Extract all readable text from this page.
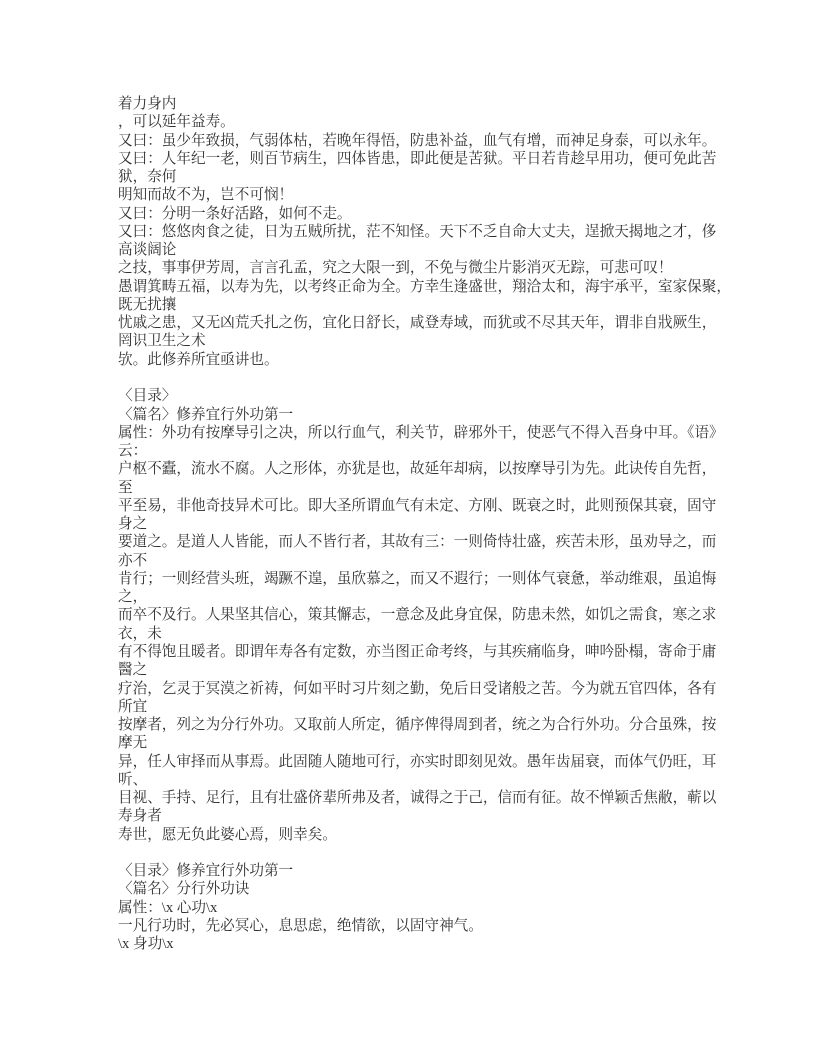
着力身内
，可以延年益寿。
又曰：虽少年致损，气弱体枯，若晚年得悟，防患补益，血气有增，而神足身泰，可以永年。
又曰：人年纪一老，则百节病生，四体皆患，即此便是苦狱。平日若肯趁早用功，便可免此苦
狱，奈何
明知而故不为，岂不可悯！
又曰：分明一条好活路，如何不走。
又曰：悠悠肉食之徒，日为五贼所扰，茫不知怪。天下不乏自命大丈夫，逞掀天揭地之才，侈
高谈阔论
之技，事事伊芳周，言言孔孟，究之大限一到，不免与微尘片影消灭无踪，可悲可叹！
愚谓箕畴五福，以寿为先，以考终正命为全。方幸生逢盛世，翔洽太和，海宇承平，室家保聚，
既无扰攘
忧戚之患，又无凶荒夭扎之伤，宜化日舒长，咸登寿域，而犹或不尽其天年，谓非自戕厥生，
罔识卫生之术
欤。此修养所宜亟讲也。

〈目录〉
〈篇名〉修养宜行外功第一
属性：外功有按摩导引之决，所以行血气，利关节，辟邪外干，使恶气不得入吾身中耳。《语》
云：
户枢不蠹，流水不腐。人之形体，亦犹是也，故延年却病，以按摩导引为先。此诀传自先哲，
至
平至易，非他奇技异术可比。即大圣所谓血气有未定、方刚、既衰之时，此则预保其衰，固守
身之
要道之。是道人人皆能，而人不皆行者，其故有三：一则倚恃壮盛，疾苦未形，虽劝导之，而
亦不
肯行；一则经营头班，竭蹶不遑，虽欣慕之，而又不遐行；一则体气衰惫，举动维艰，虽追悔
之，
而卒不及行。人果坚其信心，策其懈志，一意念及此身宜保，防患未然，如饥之需食，寒之求
衣，未
有不得饱且暖者。即谓年寿各有定数，亦当图正命考终，与其疾痛临身，呻吟卧榻，寄命于庸
醫之
疗治，乞灵于冥漠之祈祷，何如平时习片刻之勤，免后日受诸般之苦。今为就五官四体，各有
所宜
按摩者，列之为分行外功。又取前人所定，循序俾得周到者，统之为合行外功。分合虽殊，按
摩无
异，任人审择而从事焉。此固随人随地可行，亦实时即刻见效。愚年齿届衰，而体气仍旺，耳
听、
目视、手持、足行，且有壮盛侪辈所弗及者，诚得之于己，信而有征。故不惮颖舌焦敝，蕲以
寿身者
寿世，愿无负此婆心焉，则幸矣。

〈目录〉修养宜行外功第一
〈篇名〉分行外功诀
属性：\x 心功\x
一凡行功时，先必冥心，息思虑，绝情欲，以固守神气。
\x 身功\x
